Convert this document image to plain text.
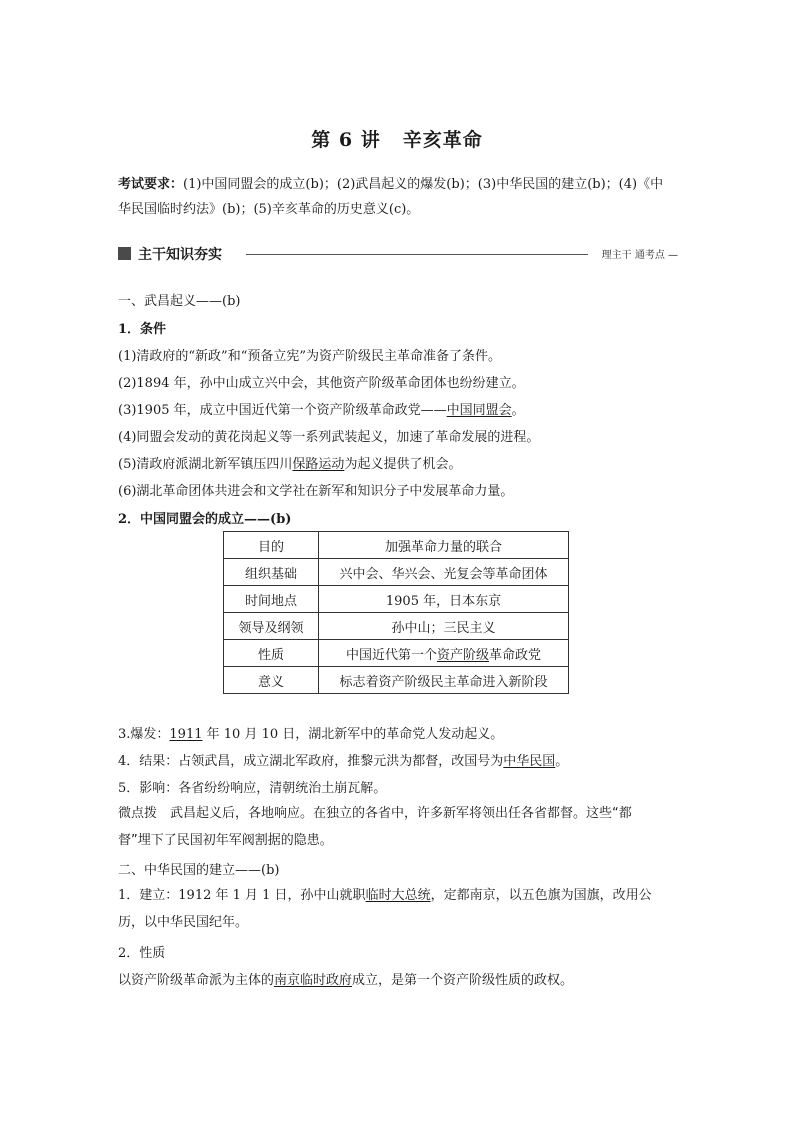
第 6 讲 辛亥革命
考试要求：(1)中国同盟会的成立(b)；(2)武昌起义的爆发(b)；(3)中华民国的建立(b)；(4)《中
华民国临时约法》(b)；(5)辛亥革命的历史意义(c)。
主干知识夯实	理主干 通考点 —
一、武昌起义——(b)
1．条件
(1)清政府的“新政”和“预备立宪”为资产阶级民主革命准备了条件。
(2)1894 年，孙中山成立兴中会，其他资产阶级革命团体也纷纷建立。
(3)1905 年，成立中国近代第一个资产阶级革命政党——中国同盟会。
(4)同盟会发动的黄花岗起义等一系列武装起义，加速了革命发展的进程。
(5)清政府派湖北新军镇压四川保路运动为起义提供了机会。
(6)湖北革命团体共进会和文学社在新军和知识分子中发展革命力量。
2．中国同盟会的成立——(b)
目的	加强革命力量的联合
组织基础	兴中会、华兴会、光复会等革命团体
时间地点	1905 年，日本东京
领导及纲领	孙中山；三民主义
性质	中国近代第一个资产阶级革命政党
意义	标志着资产阶级民主革命进入新阶段
3.爆发：1911 年 10 月 10 日，湖北新军中的革命党人发动起义。
4．结果：占领武昌，成立湖北军政府，推黎元洪为都督，改国号为中华民国。
5．影响：各省纷纷响应，清朝统治土崩瓦解。
微点拨　武昌起义后，各地响应。在独立的各省中，许多新军将领出任各省都督。这些“都
督”埋下了民国初年军阀割据的隐患。
二、中华民国的建立——(b)
1．建立：1912 年 1 月 1 日，孙中山就职临时大总统，定都南京，以五色旗为国旗，改用公
历，以中华民国纪年。
2．性质
以资产阶级革命派为主体的南京临时政府成立，是第一个资产阶级性质的政权。
